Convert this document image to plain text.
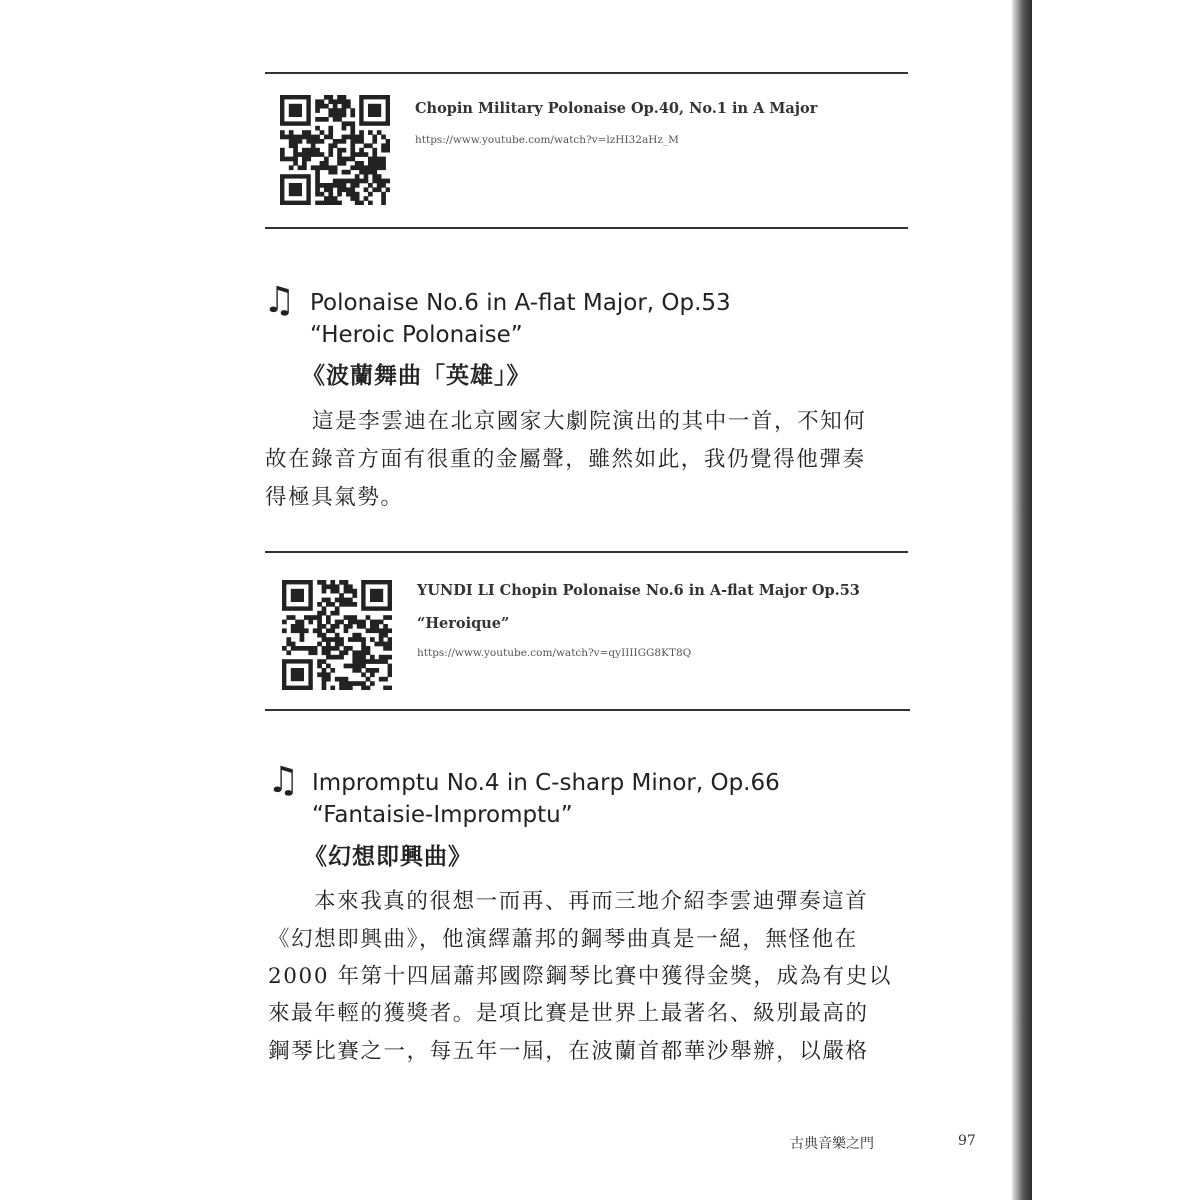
Chopin Military Polonaise Op.40, No.1 in A Major
https://www.youtube.com/watch?v=lzHI32aHz_M
♫ Polonaise No.6 in A-flat Major, Op.53
“Heroic Polonaise”
《波蘭舞曲「英雄」》
這是李雲迪在北京國家大劇院演出的其中一首，不知何
故在錄音方面有很重的金屬聲，雖然如此，我仍覺得他彈奏
得極具氣勢。
YUNDI LI Chopin Polonaise No.6 in A-flat Major Op.53
“Heroique”
https://www.youtube.com/watch?v=qyIIIIGG8KT8Q
♫ Impromptu No.4 in C-sharp Minor, Op.66
“Fantaisie-Impromptu”
《幻想即興曲》
本來我真的很想一而再、再而三地介紹李雲迪彈奏這首
《幻想即興曲》，他演繹蕭邦的鋼琴曲真是一絕，無怪他在
2000 年第十四屆蕭邦國際鋼琴比賽中獲得金獎，成為有史以
來最年輕的獲獎者。是項比賽是世界上最著名、級別最高的
鋼琴比賽之一，每五年一屆，在波蘭首都華沙舉辦，以嚴格
古典音樂之門	97
